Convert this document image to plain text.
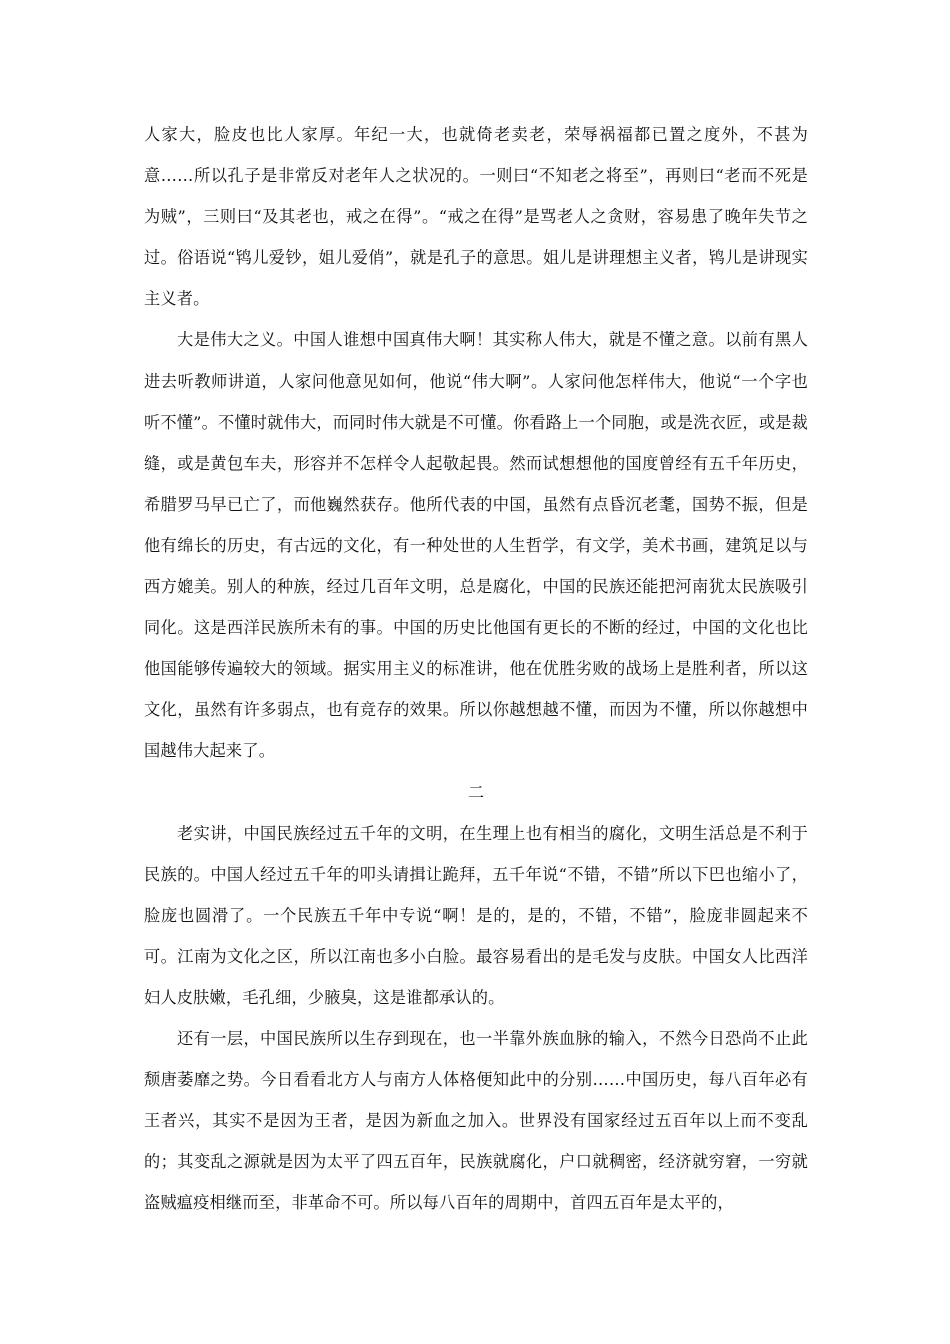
人家大，脸皮也比人家厚。年纪一大，也就倚老卖老，荣辱祸福都已置之度外，不甚为意……所以孔子是非常反对老年人之状况的。一则曰“不知老之将至”，再则曰“老而不死是为贼”，三则曰“及其老也，戒之在得”。“戒之在得”是骂老人之贪财，容易患了晚年失节之过。俗语说“鸨儿爱钞，姐儿爱俏”，就是孔子的意思。姐儿是讲理想主义者，鸨儿是讲现实主义者。

大是伟大之义。中国人谁想中国真伟大啊！其实称人伟大，就是不懂之意。以前有黑人进去听教师讲道，人家问他意见如何，他说“伟大啊”。人家问他怎样伟大，他说“一个字也听不懂”。不懂时就伟大，而同时伟大就是不可懂。你看路上一个同胞，或是洗衣匠，或是裁缝，或是黄包车夫，形容并不怎样令人起敬起畏。然而试想想他的国度曾经有五千年历史，希腊罗马早已亡了，而他巍然获存。他所代表的中国，虽然有点昏沉老耄，国势不振，但是他有绵长的历史，有古远的文化，有一种处世的人生哲学，有文学，美术书画，建筑足以与西方媲美。别人的种族，经过几百年文明，总是腐化，中国的民族还能把河南犹太民族吸引同化。这是西洋民族所未有的事。中国的历史比他国有更长的不断的经过，中国的文化也比他国能够传遍较大的领域。据实用主义的标准讲，他在优胜劣败的战场上是胜利者，所以这文化，虽然有许多弱点，也有竞存的效果。所以你越想越不懂，而因为不懂，所以你越想中国越伟大起来了。

二

老实讲，中国民族经过五千年的文明，在生理上也有相当的腐化，文明生活总是不利于民族的。中国人经过五千年的叩头请揖让跪拜，五千年说“不错，不错”所以下巴也缩小了，脸庞也圆滑了。一个民族五千年中专说“啊！是的，是的，不错，不错”，脸庞非圆起来不可。江南为文化之区，所以江南也多小白脸。最容易看出的是毛发与皮肤。中国女人比西洋妇人皮肤嫩，毛孔细，少腋臭，这是谁都承认的。

还有一层，中国民族所以生存到现在，也一半靠外族血脉的输入，不然今日恐尚不止此颓唐萎靡之势。今日看看北方人与南方人体格便知此中的分别……中国历史，每八百年必有王者兴，其实不是因为王者，是因为新血之加入。世界没有国家经过五百年以上而不变乱的；其变乱之源就是因为太平了四五百年，民族就腐化，户口就稠密，经济就穷窘，一穷就盗贼瘟疫相继而至，非革命不可。所以每八百年的周期中，首四五百年是太平的，
